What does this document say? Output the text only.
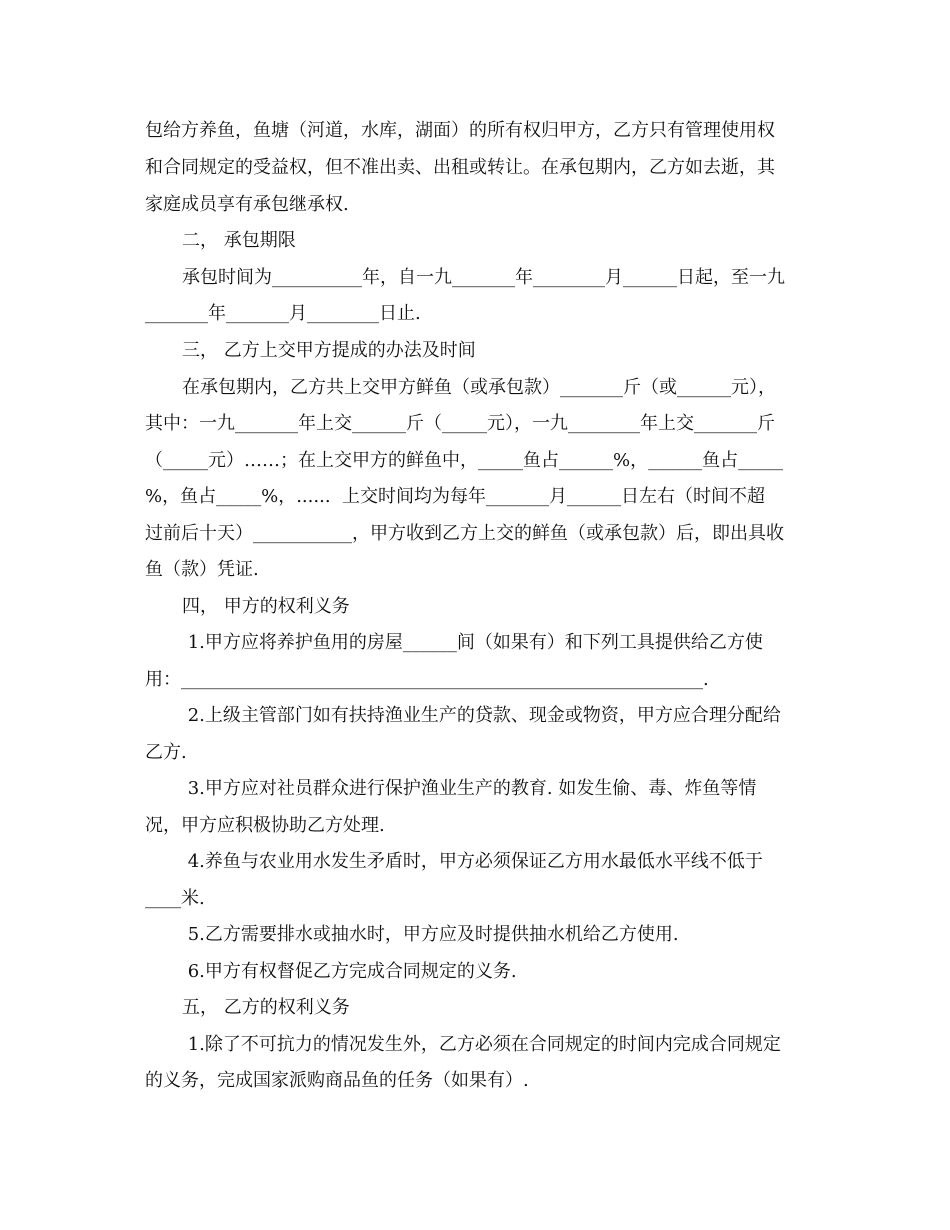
包给方养鱼，鱼塘（河道，水库，湖面）的所有权归甲方，乙方只有管理使用权
和合同规定的受益权，但不准出卖、出租或转让。在承包期内，乙方如去逝，其
家庭成员享有承包继承权.
二， 承包期限
承包时间为__________年，自一九_______年________月______日起，至一九
_______年_______月________日止.
三， 乙方上交甲方提成的办法及时间
在承包期内，乙方共上交甲方鲜鱼（或承包款）_______斤（或______元），
其中：一九_______年上交______斤（_____元），一九________年上交_______斤
（_____元）……；在上交甲方的鲜鱼中，_____鱼占______%，______鱼占_____
%，鱼占_____%，......  上交时间均为每年_______月______日左右（时间不超
过前后十天）___________，甲方收到乙方上交的鲜鱼（或承包款）后，即出具收
鱼（款）凭证.
四， 甲方的权利义务
1.甲方应将养护鱼用的房屋______间（如果有）和下列工具提供给乙方使
用：__________________________________________________________.
2.上级主管部门如有扶持渔业生产的贷款、现金或物资，甲方应合理分配给
乙方.
3.甲方应对社员群众进行保护渔业生产的教育. 如发生偷、毒、炸鱼等情
况，甲方应积极协助乙方处理.
4.养鱼与农业用水发生矛盾时，甲方必须保证乙方用水最低水平线不低于
____米.
5.乙方需要排水或抽水时，甲方应及时提供抽水机给乙方使用.
6.甲方有权督促乙方完成合同规定的义务.
五， 乙方的权利义务
1.除了不可抗力的情况发生外，乙方必须在合同规定的时间内完成合同规定
的义务，完成国家派购商品鱼的任务（如果有）.
